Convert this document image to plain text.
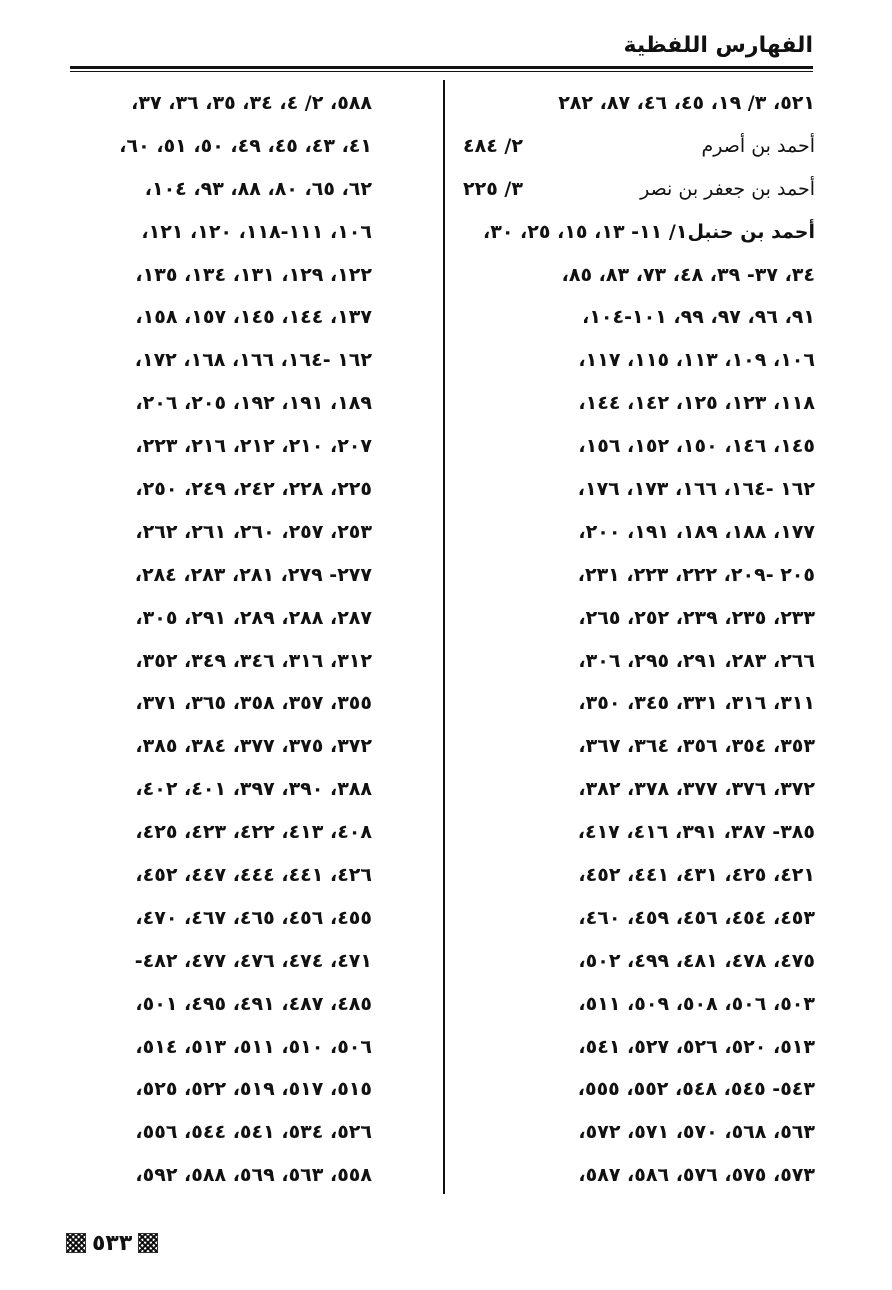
الفهارس اللفظية
٥٢١، ٣/ ١٩، ٤٥، ٤٦، ٨٧، ٢٨٢
أحمد بن أصرم
٢/ ٤٨٤
أحمد بن جعفر بن نصر
٣/ ٢٢٥
أحمد بن حنبل١/ ١١- ١٣، ١٥، ٢٥، ٣٠،
٣٤، ٣٧- ٣٩، ٤٨، ٧٣، ٨٣، ٨٥،
٩١، ٩٦، ٩٧، ٩٩، ١٠١-١٠٤،
١٠٦، ١٠٩، ١١٣، ١١٥، ١١٧،
١١٨، ١٢٣، ١٢٥، ١٤٢، ١٤٤،
١٤٥، ١٤٦، ١٥٠، ١٥٢، ١٥٦،
١٦٢ -١٦٤، ١٦٦، ١٧٣، ١٧٦،
١٧٧، ١٨٨، ١٨٩، ١٩١، ٢٠٠،
٢٠٥ -٢٠٩، ٢٢٢، ٢٢٣، ٢٣١،
٢٣٣، ٢٣٥، ٢٣٩، ٢٥٢، ٢٦٥،
٢٦٦، ٢٨٣، ٢٩١، ٢٩٥، ٣٠٦،
٣١١، ٣١٦، ٣٣١، ٣٤٥، ٣٥٠،
٣٥٣، ٣٥٤، ٣٥٦، ٣٦٤، ٣٦٧،
٣٧٢، ٣٧٦، ٣٧٧، ٣٧٨، ٣٨٢،
٣٨٥- ٣٨٧، ٣٩١، ٤١٦، ٤١٧،
٤٢١، ٤٢٥، ٤٣١، ٤٤١، ٤٥٢،
٤٥٣، ٤٥٤، ٤٥٦، ٤٥٩، ٤٦٠،
٤٧٥، ٤٧٨، ٤٨١، ٤٩٩، ٥٠٢،
٥٠٣، ٥٠٦، ٥٠٨، ٥٠٩، ٥١١،
٥١٣، ٥٢٠، ٥٢٦، ٥٢٧، ٥٤١،
٥٤٣- ٥٤٥، ٥٤٨، ٥٥٢، ٥٥٥،
٥٦٣، ٥٦٨، ٥٧٠، ٥٧١، ٥٧٢،
٥٧٣، ٥٧٥، ٥٧٦، ٥٨٦، ٥٨٧،
٥٨٨، ٢/ ٤، ٣٤، ٣٥، ٣٦، ٣٧،
٤١، ٤٣، ٤٥، ٤٩، ٥٠، ٥١، ٦٠،
٦٢، ٦٥، ٨٠، ٨٨، ٩٣، ١٠٤،
١٠٦، ١١١-١١٨، ١٢٠، ١٢١،
١٢٢، ١٢٩، ١٣١، ١٣٤، ١٣٥،
١٣٧، ١٤٤، ١٤٥، ١٥٧، ١٥٨،
١٦٢ -١٦٤، ١٦٦، ١٦٨، ١٧٢،
١٨٩، ١٩١، ١٩٢، ٢٠٥، ٢٠٦،
٢٠٧، ٢١٠، ٢١٢، ٢١٦، ٢٢٣،
٢٢٥، ٢٢٨، ٢٤٢، ٢٤٩، ٢٥٠،
٢٥٣، ٢٥٧، ٢٦٠، ٢٦١، ٢٦٢،
٢٧٧- ٢٧٩، ٢٨١، ٢٨٣، ٢٨٤،
٢٨٧، ٢٨٨، ٢٨٩، ٢٩١، ٣٠٥،
٣١٢، ٣١٦، ٣٤٦، ٣٤٩، ٣٥٢،
٣٥٥، ٣٥٧، ٣٥٨، ٣٦٥، ٣٧١،
٣٧٢، ٣٧٥، ٣٧٧، ٣٨٤، ٣٨٥،
٣٨٨، ٣٩٠، ٣٩٧، ٤٠١، ٤٠٢،
٤٠٨، ٤١٣، ٤٢٢، ٤٢٣، ٤٢٥،
٤٢٦، ٤٤١، ٤٤٤، ٤٤٧، ٤٥٢،
٤٥٥، ٤٥٦، ٤٦٥، ٤٦٧، ٤٧٠،
٤٧١، ٤٧٤، ٤٧٦، ٤٧٧، ٤٨٢-
٤٨٥، ٤٨٧، ٤٩١، ٤٩٥، ٥٠١،
٥٠٦، ٥١٠، ٥١١، ٥١٣، ٥١٤،
٥١٥، ٥١٧، ٥١٩، ٥٢٢، ٥٢٥،
٥٢٦، ٥٣٤، ٥٤١، ٥٤٤، ٥٥٦،
٥٥٨، ٥٦٣، ٥٦٩، ٥٨٨، ٥٩٢،
٥٣٣
